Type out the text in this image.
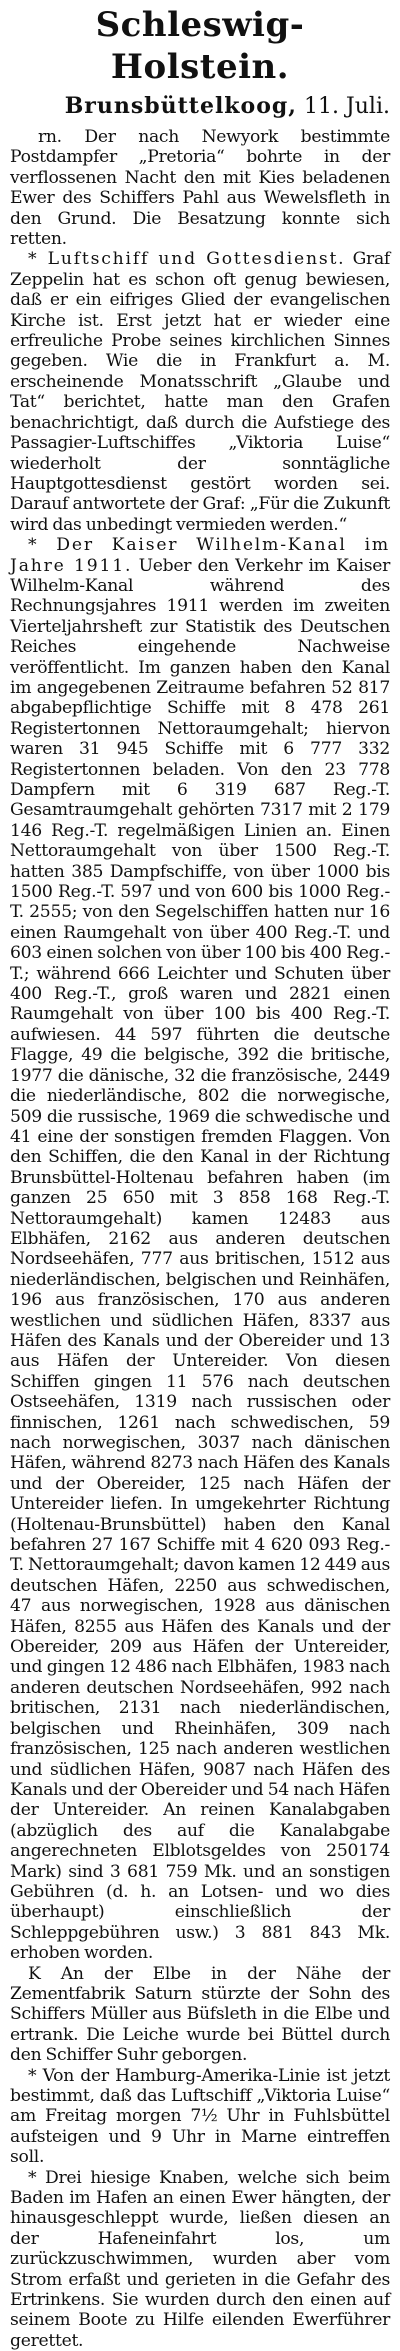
Schleswig-Holstein.
Brunsbüttelkoog, 11. Juli.

rn. Der nach Newyork bestimmte Postdampfer „Pretoria“ bohrte in der verflossenen Nacht den mit Kies beladenen Ewer des Schiffers Pahl aus Wewelsfleth in den Grund. Die Besatzung konnte sich retten.

* Luftschiff und Gottesdienst. Graf Zeppelin hat es schon oft genug bewiesen, daß er ein eifriges Glied der evangelischen Kirche ist. Erst jetzt hat er wieder eine erfreuliche Probe seines kirchlichen Sinnes gegeben. Wie die in Frankfurt a. M. erscheinende Monatsschrift „Glaube und Tat“ berichtet, hatte man den Grafen benachrichtigt, daß durch die Aufstiege des Passagier-Luftschiffes „Viktoria Luise“ wiederholt der sonntägliche Hauptgottesdienst gestört worden sei. Darauf antwortete der Graf: „Für die Zukunft wird das unbedingt vermieden werden.“

* Der Kaiser Wilhelm-Kanal im Jahre 1911. Ueber den Verkehr im Kaiser Wilhelm-Kanal während des Rechnungsjahres 1911 werden im zweiten Vierteljahrsheft zur Statistik des Deutschen Reiches eingehende Nachweise veröffentlicht. Im ganzen haben den Kanal im angegebenen Zeitraume befahren 52 817 abgabepflichtige Schiffe mit 8 478 261 Registertonnen Nettoraumgehalt; hiervon waren 31 945 Schiffe mit 6 777 332 Registertonnen beladen. Von den 23 778 Dampfern mit 6 319 687 Reg.-T. Gesamtraumgehalt gehörten 7317 mit 2 179 146 Reg.-T. regelmäßigen Linien an. Einen Nettoraumgehalt von über 1500 Reg.-T. hatten 385 Dampfschiffe, von über 1000 bis 1500 Reg.-T. 597 und von 600 bis 1000 Reg.-T. 2555; von den Segelschiffen hatten nur 16 einen Raumgehalt von über 400 Reg.-T. und 603 einen solchen von über 100 bis 400 Reg.-T.; während 666 Leichter und Schuten über 400 Reg.-T., groß waren und 2821 einen Raumgehalt von über 100 bis 400 Reg.-T. aufwiesen. 44 597 führten die deutsche Flagge, 49 die belgische, 392 die britische, 1977 die dänische, 32 die französische, 2449 die niederländische, 802 die norwegische, 509 die russische, 1969 die schwedische und 41 eine der sonstigen fremden Flaggen. Von den Schiffen, die den Kanal in der Richtung Brunsbüttel-Holtenau befahren haben (im ganzen 25 650 mit 3 858 168 Reg.-T. Nettoraumgehalt) kamen 12483 aus Elbhäfen, 2162 aus anderen deutschen Nordseehäfen, 777 aus britischen, 1512 aus niederländischen, belgischen und Reinhäfen, 196 aus französischen, 170 aus anderen westlichen und südlichen Häfen, 8337 aus Häfen des Kanals und der Obereider und 13 aus Häfen der Untereider. Von diesen Schiffen gingen 11 576 nach deutschen Ostseehäfen, 1319 nach russischen oder finnischen, 1261 nach schwedischen, 59 nach norwegischen, 3037 nach dänischen Häfen, während 8273 nach Häfen des Kanals und der Obereider, 125 nach Häfen der Untereider liefen. In umgekehrter Richtung (Holtenau-Brunsbüttel) haben den Kanal befahren 27 167 Schiffe mit 4 620 093 Reg.-T. Nettoraumgehalt; davon kamen 12 449 aus deutschen Häfen, 2250 aus schwedischen, 47 aus norwegischen, 1928 aus dänischen Häfen, 8255 aus Häfen des Kanals und der Obereider, 209 aus Häfen der Untereider, und gingen 12 486 nach Elbhäfen, 1983 nach anderen deutschen Nordseehäfen, 992 nach britischen, 2131 nach niederländischen, belgischen und Rheinhäfen, 309 nach französischen, 125 nach anderen westlichen und südlichen Häfen, 9087 nach Häfen des Kanals und der Obereider und 54 nach Häfen der Untereider. An reinen Kanalabgaben (abzüglich des auf die Kanalabgabe angerechneten Elblotsgeldes von 250174 Mark) sind 3 681 759 Mk. und an sonstigen Gebühren (d. h. an Lotsen- und wo dies überhaupt) einschließlich der Schleppgebühren usw.) 3 881 843 Mk. erhoben worden.

K An der Elbe in der Nähe der Zementfabrik Saturn stürzte der Sohn des Schiffers Müller aus Büfsleth in die Elbe und ertrank. Die Leiche wurde bei Büttel durch den Schiffer Suhr geborgen.

* Von der Hamburg-Amerika-Linie ist jetzt bestimmt, daß das Luftschiff „Viktoria Luise“ am Freitag morgen 7½ Uhr in Fuhlsbüttel aufsteigen und 9 Uhr in Marne eintreffen soll.

* Drei hiesige Knaben, welche sich beim Baden im Hafen an einen Ewer hängten, der hinausgeschleppt wurde, ließen diesen an der Hafeneinfahrt los, um zurückzuschwimmen, wurden aber vom Strom erfaßt und gerieten in die Gefahr des Ertrinkens. Sie wurden durch den einen auf seinem Boote zu Hilfe eilenden Ewerführer gerettet.
